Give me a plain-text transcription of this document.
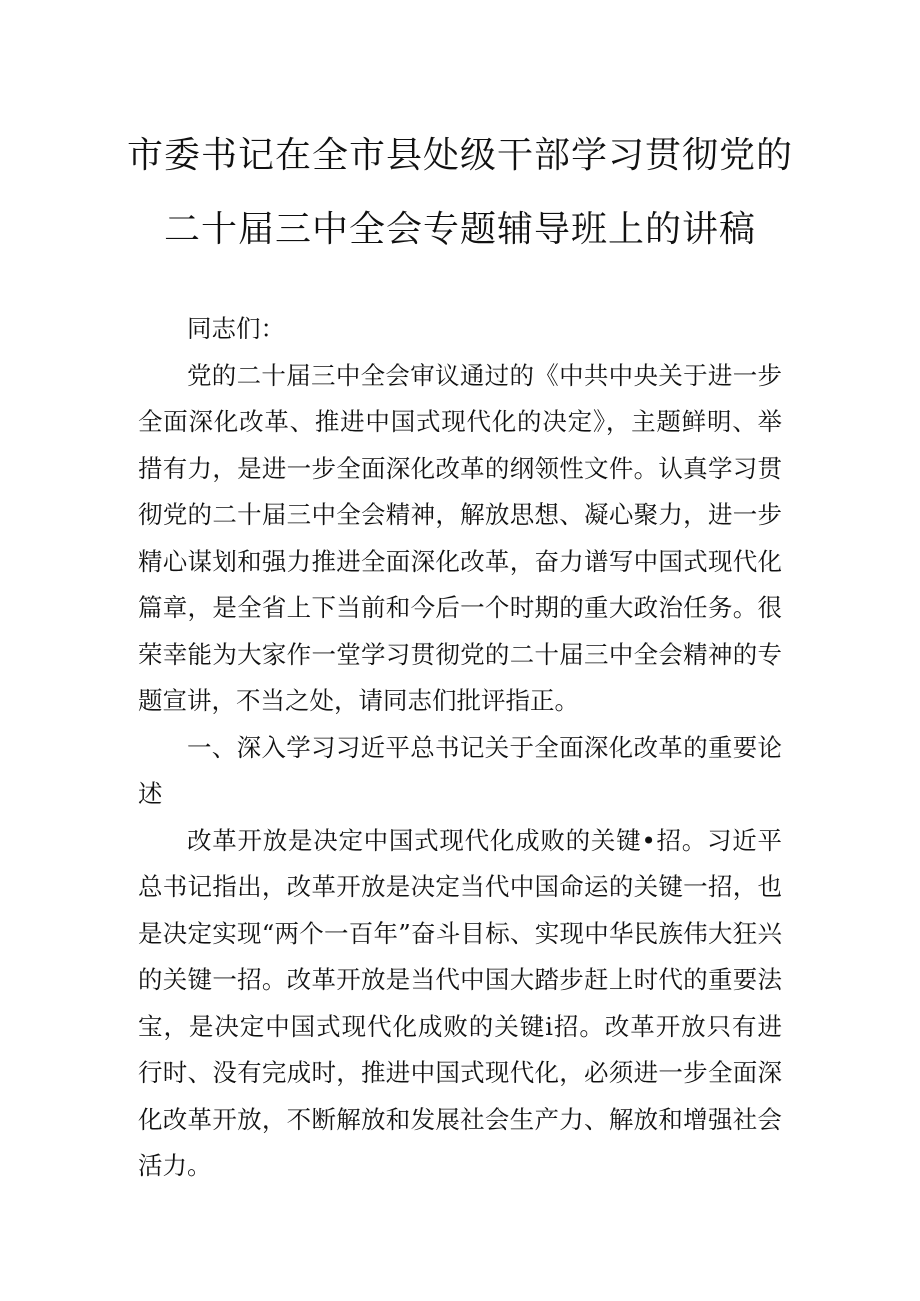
市委书记在全市县处级干部学习贯彻党的
二十届三中全会专题辅导班上的讲稿

同志们：

党的二十届三中全会审议通过的《中共中央关于进一步全面深化改革、推进中国式现代化的决定》，主题鲜明、举措有力，是进一步全面深化改革的纲领性文件。认真学习贯彻党的二十届三中全会精神，解放思想、凝心聚力，进一步精心谋划和强力推进全面深化改革，奋力谱写中国式现代化篇章，是全省上下当前和今后一个时期的重大政治任务。很荣幸能为大家作一堂学习贯彻党的二十届三中全会精神的专题宣讲，不当之处，请同志们批评指正。

一、深入学习习近平总书记关于全面深化改革的重要论述

改革开放是决定中国式现代化成败的关键•招。习近平总书记指出，改革开放是决定当代中国命运的关键一招，也是决定实现“两个一百年”奋斗目标、实现中华民族伟大狂兴的关键一招。改革开放是当代中国大踏步赶上时代的重要法宝，是决定中国式现代化成败的关键i招。改革开放只有进行时、没有完成时，推进中国式现代化，必须进一步全面深化改革开放，不断解放和发展社会生产力、解放和增强社会活力。
